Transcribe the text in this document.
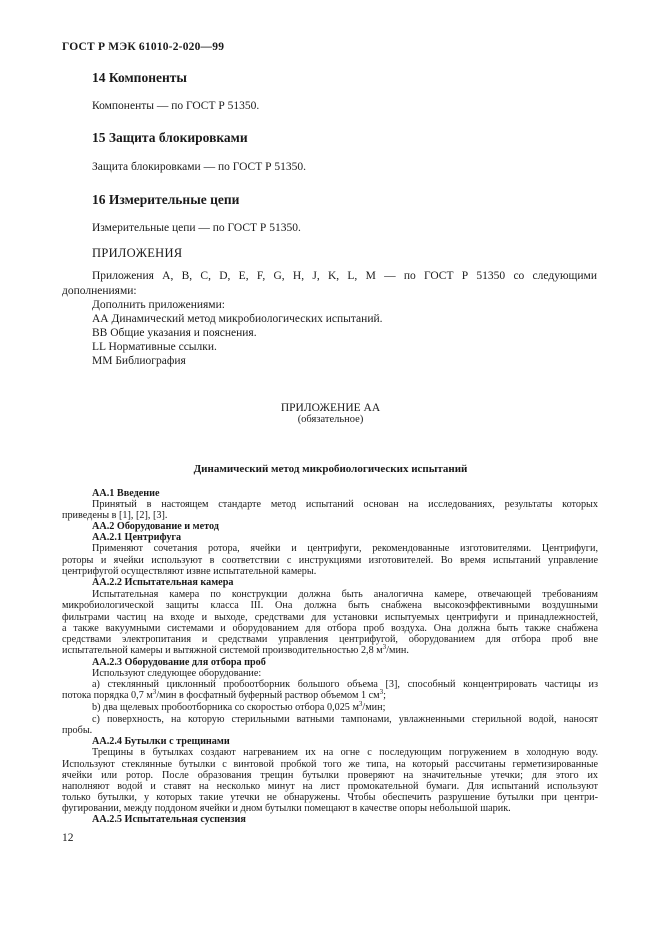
ГОСТ Р МЭК 61010-2-020—99
14 Компоненты
Компоненты — по ГОСТ Р 51350.
15 Защита блокировками
Защита блокировками — по ГОСТ Р 51350.
16 Измерительные цепи
Измерительные цепи — по ГОСТ Р 51350.
ПРИЛОЖЕНИЯ
Приложения A, B, C, D, E, F, G, H, J, K, L, M — по ГОСТ Р 51350 со следующими
дополнениями:
Дополнить приложениями:
АА Динамический метод микробиологических испытаний.
ВВ Общие указания и пояснения.
LL Нормативные ссылки.
ММ Библиография
ПРИЛОЖЕНИЕ АА
(обязательное)
Динамический метод микробиологических испытаний
АА.1 Введение
Принятый в настоящем стандарте метод испытаний основан на исследованиях, результаты которых
приведены в [1], [2], [3].
АА.2 Оборудование и метод
АА.2.1 Центрифуга
Применяют сочетания ротора, ячейки и центрифуги, рекомендованные изготовителями. Центрифуги,
роторы и ячейки используют в соответствии с инструкциями изготовителей. Во время испытаний управление
центрифугой осуществляют извне испытательной камеры.
АА.2.2 Испытательная камера
Испытательная камера по конструкции должна быть аналогична камере, отвечающей требованиям
микробиологической защиты класса III. Она должна быть снабжена высокоэффективными воздушными
фильтрами частиц на входе и выходе, средствами для установки испытуемых центрифуги и принадлежностей,
а также вакуумными системами и оборудованием для отбора проб воздуха. Она должна быть также снабжена
средствами электропитания и средствами управления центрифугой, оборудованием для отбора проб вне
испытательной камеры и вытяжной системой производительностью 2,8 $м^3$/мин.
АА.2.3 Оборудование для отбора проб
Используют следующее оборудование:
а) стеклянный циклонный пробоотборник большого объема [3], способный концентрировать частицы из
потока порядка 0,7 $м^3$/мин в фосфатный буферный раствор объемом 1 $см^3$;
b) два щелевых пробоотборника со скоростью отбора 0,025 $м^3$/мин;
с) поверхность, на которую стерильными ватными тампонами, увлажненными стерильной водой, наносят
пробы.
АА.2.4 Бутылки с трещинами
Трещины в бутылках создают нагреванием их на огне с последующим погружением в холодную воду.
Используют стеклянные бутылки с винтовой пробкой того же типа, на который рассчитаны герметизированные
ячейки или ротор. После образования трещин бутылки проверяют на значительные утечки; для этого их
наполняют водой и ставят на несколько минут на лист промокательной бумаги. Для испытаний используют
только бутылки, у которых такие утечки не обнаружены. Чтобы обеспечить разрушение бутылки при центри-
фугировании, между поддоном ячейки и дном бутылки помещают в качестве опоры небольшой шарик.
АА.2.5 Испытательная суспензия
12
